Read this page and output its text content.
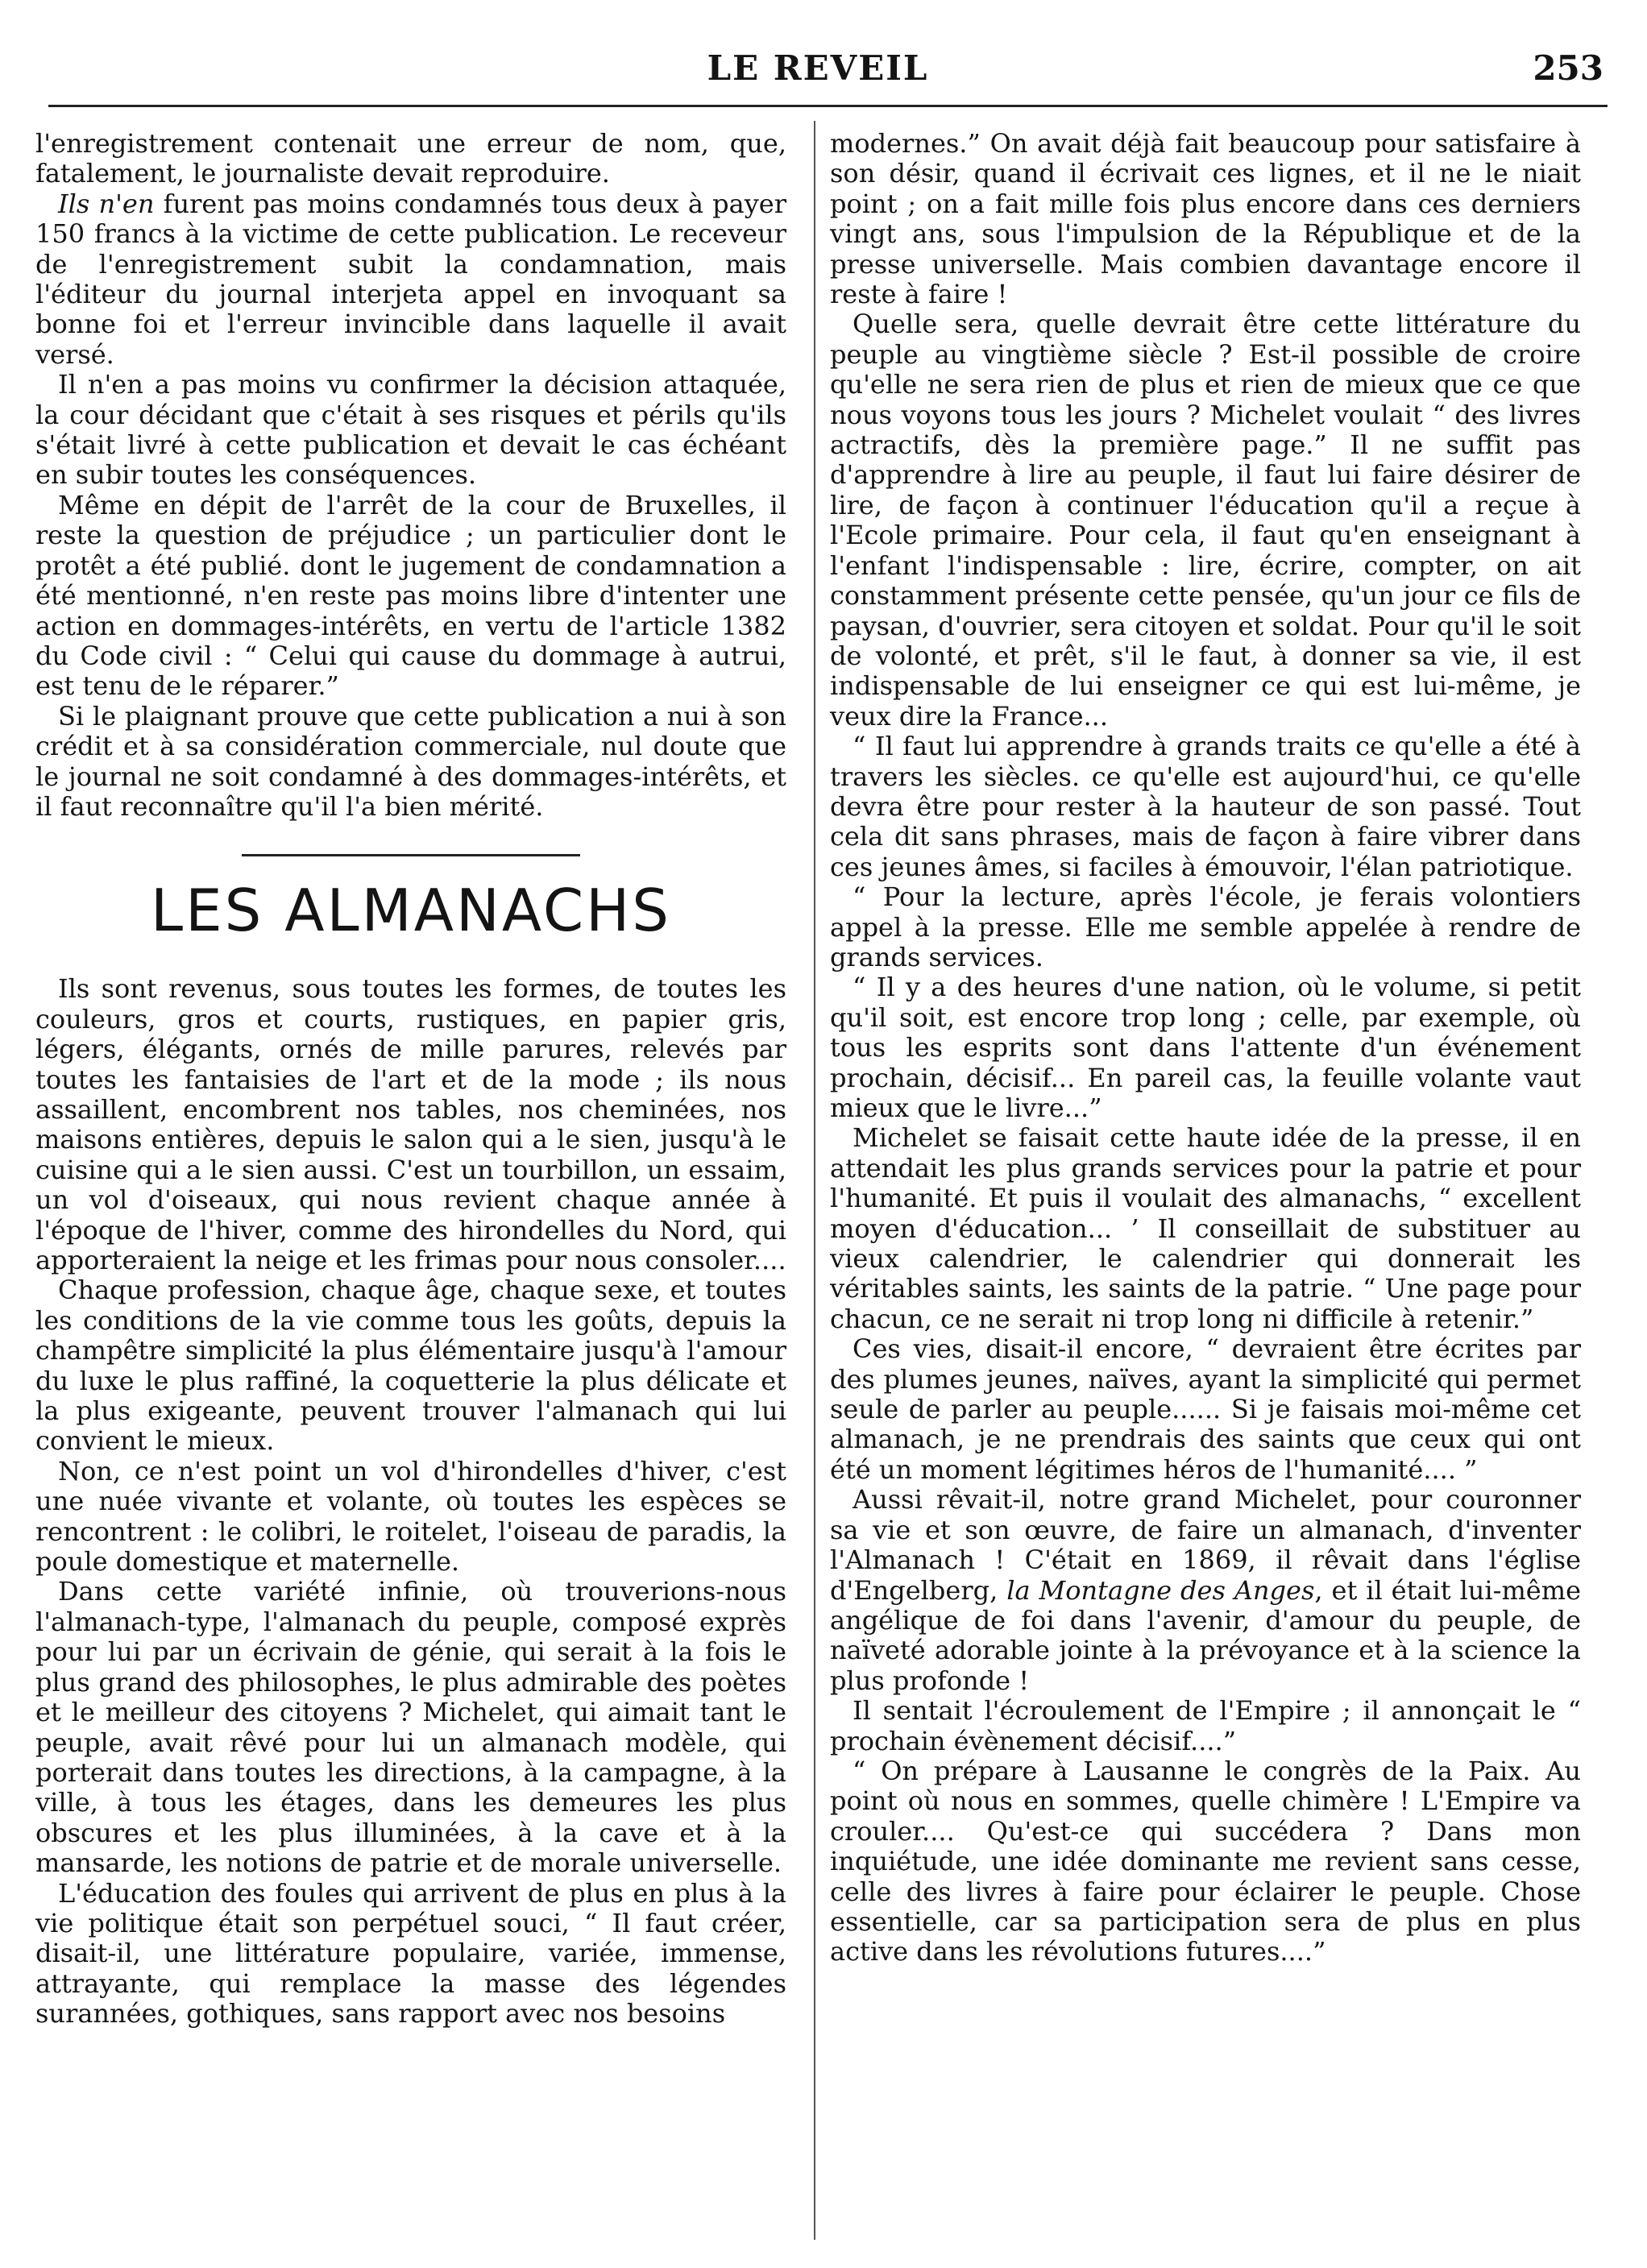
LE REVEIL	253

l'enregistrement contenait une erreur de nom, que, fatalement, le journaliste devait reproduire.

Ils n'en furent pas moins condamnés tous deux à payer 150 francs à la victime de cette publication. Le receveur de l'enregistrement subit la condamnation, mais l'éditeur du journal interjeta appel en invoquant sa bonne foi et l'erreur invincible dans laquelle il avait versé.

Il n'en a pas moins vu confirmer la décision attaquée, la cour décidant que c'était à ses risques et périls qu'ils s'était livré à cette publication et devait le cas échéant en subir toutes les conséquences.

Même en dépit de l'arrêt de la cour de Bruxelles, il reste la question de préjudice ; un particulier dont le protêt a été publié. dont le jugement de condamnation a été mentionné, n'en reste pas moins libre d'intenter une action en dommages-intérêts, en vertu de l'article 1382 du Code civil : “ Celui qui cause du dommage à autrui, est tenu de le réparer.”

Si le plaignant prouve que cette publication a nui à son crédit et à sa considération commerciale, nul doute que le journal ne soit condamné à des dommages-intérêts, et il faut reconnaître qu'il l'a bien mérité.

LES ALMANACHS

Ils sont revenus, sous toutes les formes, de toutes les couleurs, gros et courts, rustiques, en papier gris, légers, élégants, ornés de mille parures, relevés par toutes les fantaisies de l'art et de la mode ; ils nous assaillent, encombrent nos tables, nos cheminées, nos maisons entières, depuis le salon qui a le sien, jusqu'à le cuisine qui a le sien aussi. C'est un tourbillon, un essaim, un vol d'oiseaux, qui nous revient chaque année à l'époque de l'hiver, comme des hirondelles du Nord, qui apporteraient la neige et les frimas pour nous consoler....

Chaque profession, chaque âge, chaque sexe, et toutes les conditions de la vie comme tous les goûts, depuis la champêtre simplicité la plus élémentaire jusqu'à l'amour du luxe le plus raffiné, la coquetterie la plus délicate et la plus exigeante, peuvent trouver l'almanach qui lui convient le mieux.

Non, ce n'est point un vol d'hirondelles d'hiver, c'est une nuée vivante et volante, où toutes les espèces se rencontrent : le colibri, le roitelet, l'oiseau de paradis, la poule domestique et maternelle.

Dans cette variété infinie, où trouverions-nous l'almanach-type, l'almanach du peuple, composé exprès pour lui par un écrivain de génie, qui serait à la fois le plus grand des philosophes, le plus admirable des poètes et le meilleur des citoyens ? Michelet, qui aimait tant le peuple, avait rêvé pour lui un almanach modèle, qui porterait dans toutes les directions, à la campagne, à la ville, à tous les étages, dans les demeures les plus obscures et les plus illuminées, à la cave et à la mansarde, les notions de patrie et de morale universelle.

L'éducation des foules qui arrivent de plus en plus à la vie politique était son perpétuel souci, “ Il faut créer, disait-il, une littérature populaire, variée, immense, attrayante, qui remplace la masse des légendes surannées, gothiques, sans rapport avec nos besoins

modernes.” On avait déjà fait beaucoup pour satisfaire à son désir, quand il écrivait ces lignes, et il ne le niait point ; on a fait mille fois plus encore dans ces derniers vingt ans, sous l'impulsion de la République et de la presse universelle. Mais combien davantage encore il reste à faire !

Quelle sera, quelle devrait être cette littérature du peuple au vingtième siècle ? Est-il possible de croire qu'elle ne sera rien de plus et rien de mieux que ce que nous voyons tous les jours ? Michelet voulait “ des livres actractifs, dès la première page.” Il ne suffit pas d'apprendre à lire au peuple, il faut lui faire désirer de lire, de façon à continuer l'éducation qu'il a reçue à l'Ecole primaire. Pour cela, il faut qu'en enseignant à l'enfant l'indispensable : lire, écrire, compter, on ait constamment présente cette pensée, qu'un jour ce fils de paysan, d'ouvrier, sera citoyen et soldat. Pour qu'il le soit de volonté, et prêt, s'il le faut, à donner sa vie, il est indispensable de lui enseigner ce qui est lui-même, je veux dire la France...

“ Il faut lui apprendre à grands traits ce qu'elle a été à travers les siècles. ce qu'elle est aujourd'hui, ce qu'elle devra être pour rester à la hauteur de son passé. Tout cela dit sans phrases, mais de façon à faire vibrer dans ces jeunes âmes, si faciles à émouvoir, l'élan patriotique.

“ Pour la lecture, après l'école, je ferais volontiers appel à la presse. Elle me semble appelée à rendre de grands services.

“ Il y a des heures d'une nation, où le volume, si petit qu'il soit, est encore trop long ; celle, par exemple, où tous les esprits sont dans l'attente d'un événement prochain, décisif... En pareil cas, la feuille volante vaut mieux que le livre...”

Michelet se faisait cette haute idée de la presse, il en attendait les plus grands services pour la patrie et pour l'humanité. Et puis il voulait des almanachs, “ excellent moyen d'éducation... ’ Il conseillait de substituer au vieux calendrier, le calendrier qui donnerait les véritables saints, les saints de la patrie. “ Une page pour chacun, ce ne serait ni trop long ni difficile à retenir.”

Ces vies, disait-il encore, “ devraient être écrites par des plumes jeunes, naïves, ayant la simplicité qui permet seule de parler au peuple...... Si je faisais moi-même cet almanach, je ne prendrais des saints que ceux qui ont été un moment légitimes héros de l'humanité.... ”

Aussi rêvait-il, notre grand Michelet, pour couronner sa vie et son œuvre, de faire un almanach, d'inventer l'Almanach ! C'était en 1869, il rêvait dans l'église d'Engelberg, la Montagne des Anges, et il était lui-même angélique de foi dans l'avenir, d'amour du peuple, de naïveté adorable jointe à la prévoyance et à la science la plus profonde !

Il sentait l'écroulement de l'Empire ; il annonçait le “ prochain évènement décisif....”

“ On prépare à Lausanne le congrès de la Paix. Au point où nous en sommes, quelle chimère ! L'Empire va crouler.... Qu'est-ce qui succédera ? Dans mon inquiétude, une idée dominante me revient sans cesse, celle des livres à faire pour éclairer le peuple. Chose essentielle, car sa participation sera de plus en plus active dans les révolutions futures....”
